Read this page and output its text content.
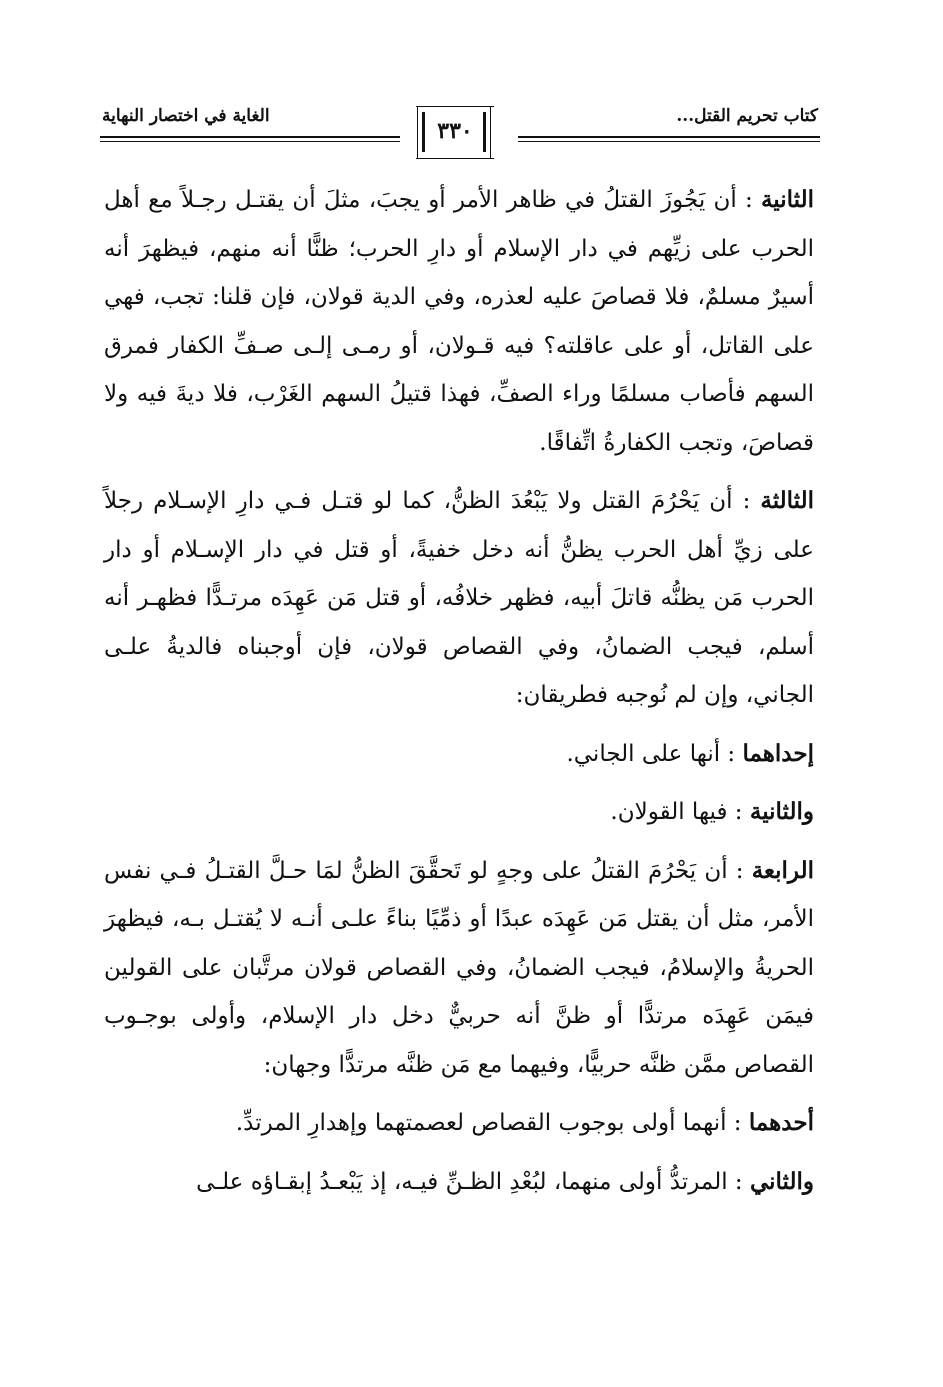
كتاب تحريم القتل...
الغاية في اختصار النهاية
٣٣٠

الثانية : أن يَجُوزَ القتلُ في ظاهر الأمر أو يجبَ، مثلَ أن يقتـل رجـلاً مع أهل الحرب على زيِّهم في دار الإسلام أو دارِ الحرب؛ ظنًّا أنه منهم، فيظهرَ أنه أسيرٌ مسلمٌ، فلا قصاصَ عليه لعذره، وفي الدية قولان، فإن قلنا: تجب، فهي على القاتل، أو على عاقلته؟ فيه قـولان، أو رمـى إلـى صـفِّ الكفار فمرق السهم فأصاب مسلمًا وراء الصفِّ، فهذا قتيلُ السهم الغَرْب، فلا ديةَ فيه ولا قصاصَ، وتجب الكفارةُ اتِّفاقًا.

الثالثة : أن يَحْرُمَ القتل ولا يَبْعُدَ الظنُّ، كما لو قتـل فـي دارِ الإسـلام رجلاً على زيِّ أهل الحرب يظنُّ أنه دخل خفيةً، أو قتل في دار الإسـلام أو دار الحرب مَن يظنُّه قاتلَ أبيه، فظهر خلافُه، أو قتل مَن عَهِدَه مرتـدًّا فظهـر أنه أسلم، فيجب الضمانُ، وفي القصاص قولان، فإن أوجبناه فالديةُ علـى الجاني، وإن لم نُوجبه فطريقان:

إحداهما : أنها على الجاني.

والثانية : فيها القولان.

الرابعة : أن يَحْرُمَ القتلُ على وجهٍ لو تَحقَّقَ الظنُّ لمَا حـلَّ القتـلُ فـي نفس الأمر، مثل أن يقتل مَن عَهِدَه عبدًا أو ذمِّيًا بناءً علـى أنـه لا يُقتـل بـه، فيظهرَ الحريةُ والإسلامُ، فيجب الضمانُ، وفي القصاص قولان مرتَّبان على القولين فيمَن عَهِدَه مرتدًّا أو ظنَّ أنه حربيٌّ دخل دار الإسلام، وأولى بوجـوب القصاص ممَّن ظنَّه حربيًّا، وفيهما مع مَن ظنَّه مرتدًّا وجهان:

أحدهما : أنهما أولى بوجوب القصاص لعصمتهما وإهدارِ المرتدِّ.

والثاني : المرتدُّ أولى منهما، لبُعْدِ الظـنِّ فيـه، إذ يَبْعـدُ إبقـاؤه علـى
